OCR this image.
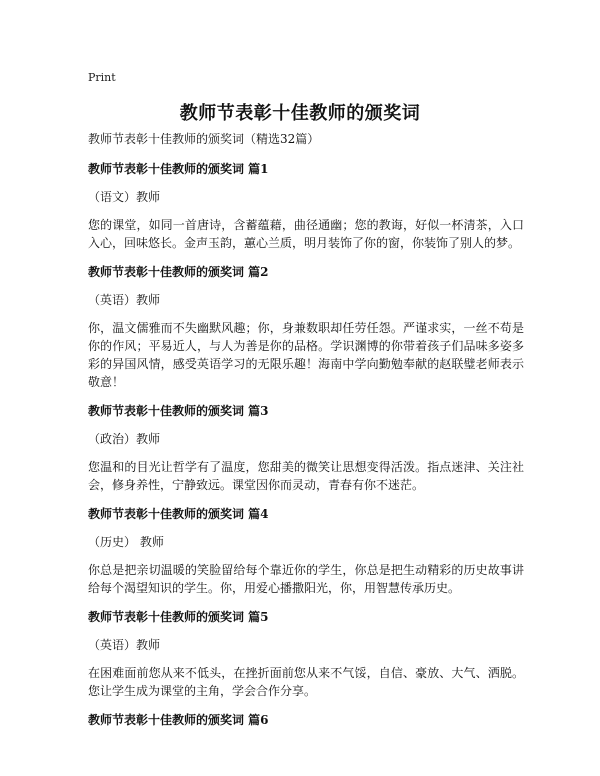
Print
教师节表彰十佳教师的颁奖词

教师节表彰十佳教师的颁奖词（精选32篇）

教师节表彰十佳教师的颁奖词 篇1

（语文）教师

您的课堂，如同一首唐诗，含蓄蕴藉，曲径通幽；您的教诲，好似一杯清茶，入口入心，回味悠长。金声玉韵，蕙心兰质，明月装饰了你的窗，你装饰了别人的梦。

教师节表彰十佳教师的颁奖词 篇2

（英语）教师

你，温文儒雅而不失幽默风趣；你，身兼数职却任劳任怨。严谨求实，一丝不苟是你的作风；平易近人，与人为善是你的品格。学识渊博的你带着孩子们品味多姿多彩的异国风情，感受英语学习的无限乐趣！海南中学向勤勉奉献的赵联璧老师表示敬意！

教师节表彰十佳教师的颁奖词 篇3

（政治）教师

您温和的目光让哲学有了温度，您甜美的微笑让思想变得活泼。指点迷津、关注社会，修身养性，宁静致远。课堂因你而灵动，青春有你不迷茫。

教师节表彰十佳教师的颁奖词 篇4

（历史） 教师

你总是把亲切温暖的笑脸留给每个靠近你的学生，你总是把生动精彩的历史故事讲给每个渴望知识的学生。你，用爱心播撒阳光，你，用智慧传承历史。

教师节表彰十佳教师的颁奖词 篇5

（英语）教师

在困难面前您从来不低头，在挫折面前您从来不气馁，自信、豪放、大气、洒脱。您让学生成为课堂的主角，学会合作分享。

教师节表彰十佳教师的颁奖词 篇6
